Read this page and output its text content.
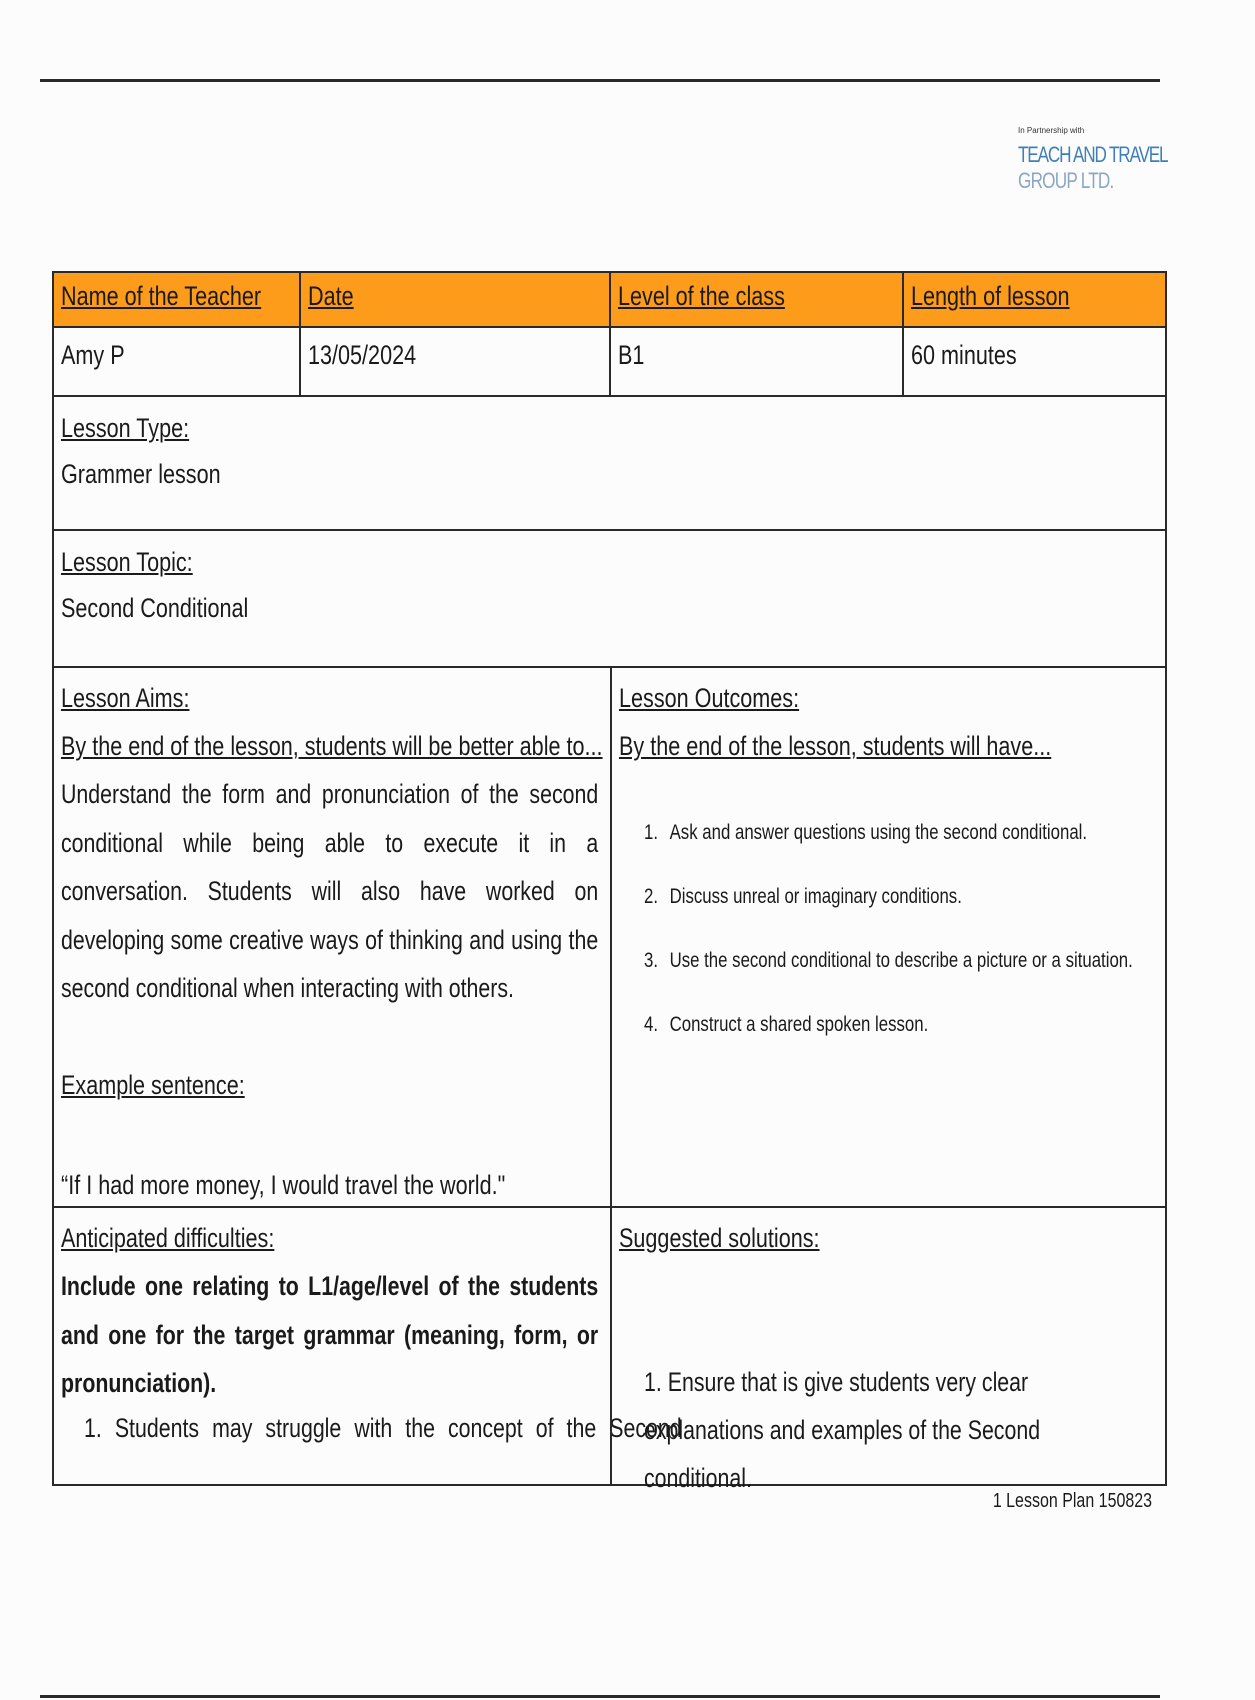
In Partnership with
TEACH AND TRAVEL
GROUP LTD.
Name of the Teacher	Date	Level of the class	Length of lesson
Amy P	13/05/2024	B1	60 minutes
Lesson Type:
Grammer lesson
Lesson Topic:
Second Conditional
Lesson Aims:
By the end of the lesson, students will be better able to...
Understand the form and pronunciation of the second conditional while being able to execute it in a conversation. Students will also have worked on developing some creative ways of thinking and using the second conditional when interacting with others.
Example sentence:
“If I had more money, I would travel the world."
Lesson Outcomes:
By the end of the lesson, students will have...
1. Ask and answer questions using the second conditional.
2. Discuss unreal or imaginary conditions.
3. Use the second conditional to describe a picture or a situation.
4. Construct a shared spoken lesson.
Anticipated difficulties:
Include one relating to L1/age/level of the students and one for the target grammar (meaning, form, or pronunciation).
1. Students may struggle with the concept of the Second
Suggested solutions:
1. Ensure that is give students very clear explanations and examples of the Second conditional.
1 Lesson Plan 150823
